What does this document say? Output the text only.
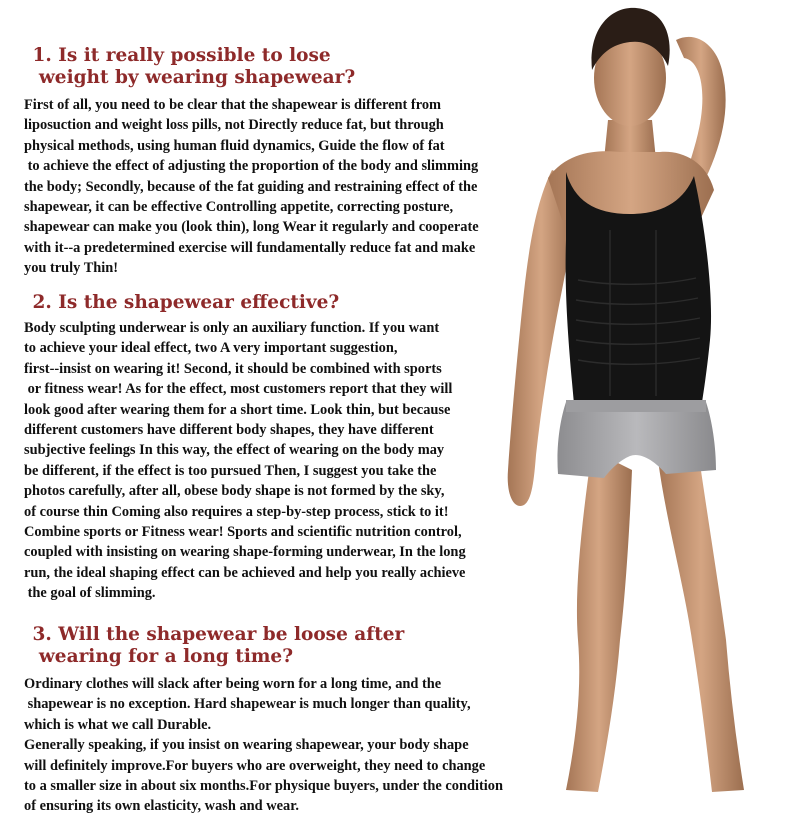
1. Is it really possible to lose
weight by wearing shapewear?
First of all, you need to be clear that the shapewear is different from
liposuction and weight loss pills, not Directly reduce fat, but through
physical methods, using human fluid dynamics, Guide the flow of fat
to achieve the effect of adjusting the proportion of the body and slimming
the body; Secondly, because of the fat guiding and restraining effect of the
shapewear, it can be effective Controlling appetite, correcting posture,
shapewear can make you (look thin), long Wear it regularly and cooperate
with it--a predetermined exercise will fundamentally reduce fat and make
you truly Thin!
2. Is the shapewear effective?
Body sculpting underwear is only an auxiliary function. If you want
to achieve your ideal effect, two A very important suggestion,
first--insist on wearing it! Second, it should be combined with sports
or fitness wear! As for the effect, most customers report that they will
look good after wearing them for a short time. Look thin, but because
different customers have different body shapes, they have different
subjective feelings In this way, the effect of wearing on the body may
be different, if the effect is too pursued Then, I suggest you take the
photos carefully, after all, obese body shape is not formed by the sky,
of course thin Coming also requires a step-by-step process, stick to it!
Combine sports or Fitness wear! Sports and scientific nutrition control,
coupled with insisting on wearing shape-forming underwear, In the long
run, the ideal shaping effect can be achieved and help you really achieve
the goal of slimming.
3. Will the shapewear be loose after
wearing for a long time?
Ordinary clothes will slack after being worn for a long time, and the
shapewear is no exception. Hard shapewear is much longer than quality,
which is what we call Durable.
Generally speaking, if you insist on wearing shapewear, your body shape
will definitely improve.For buyers who are overweight, they need to change
to a smaller size in about six months.For physique buyers, under the condition
of ensuring its own elasticity, wash and wear.
